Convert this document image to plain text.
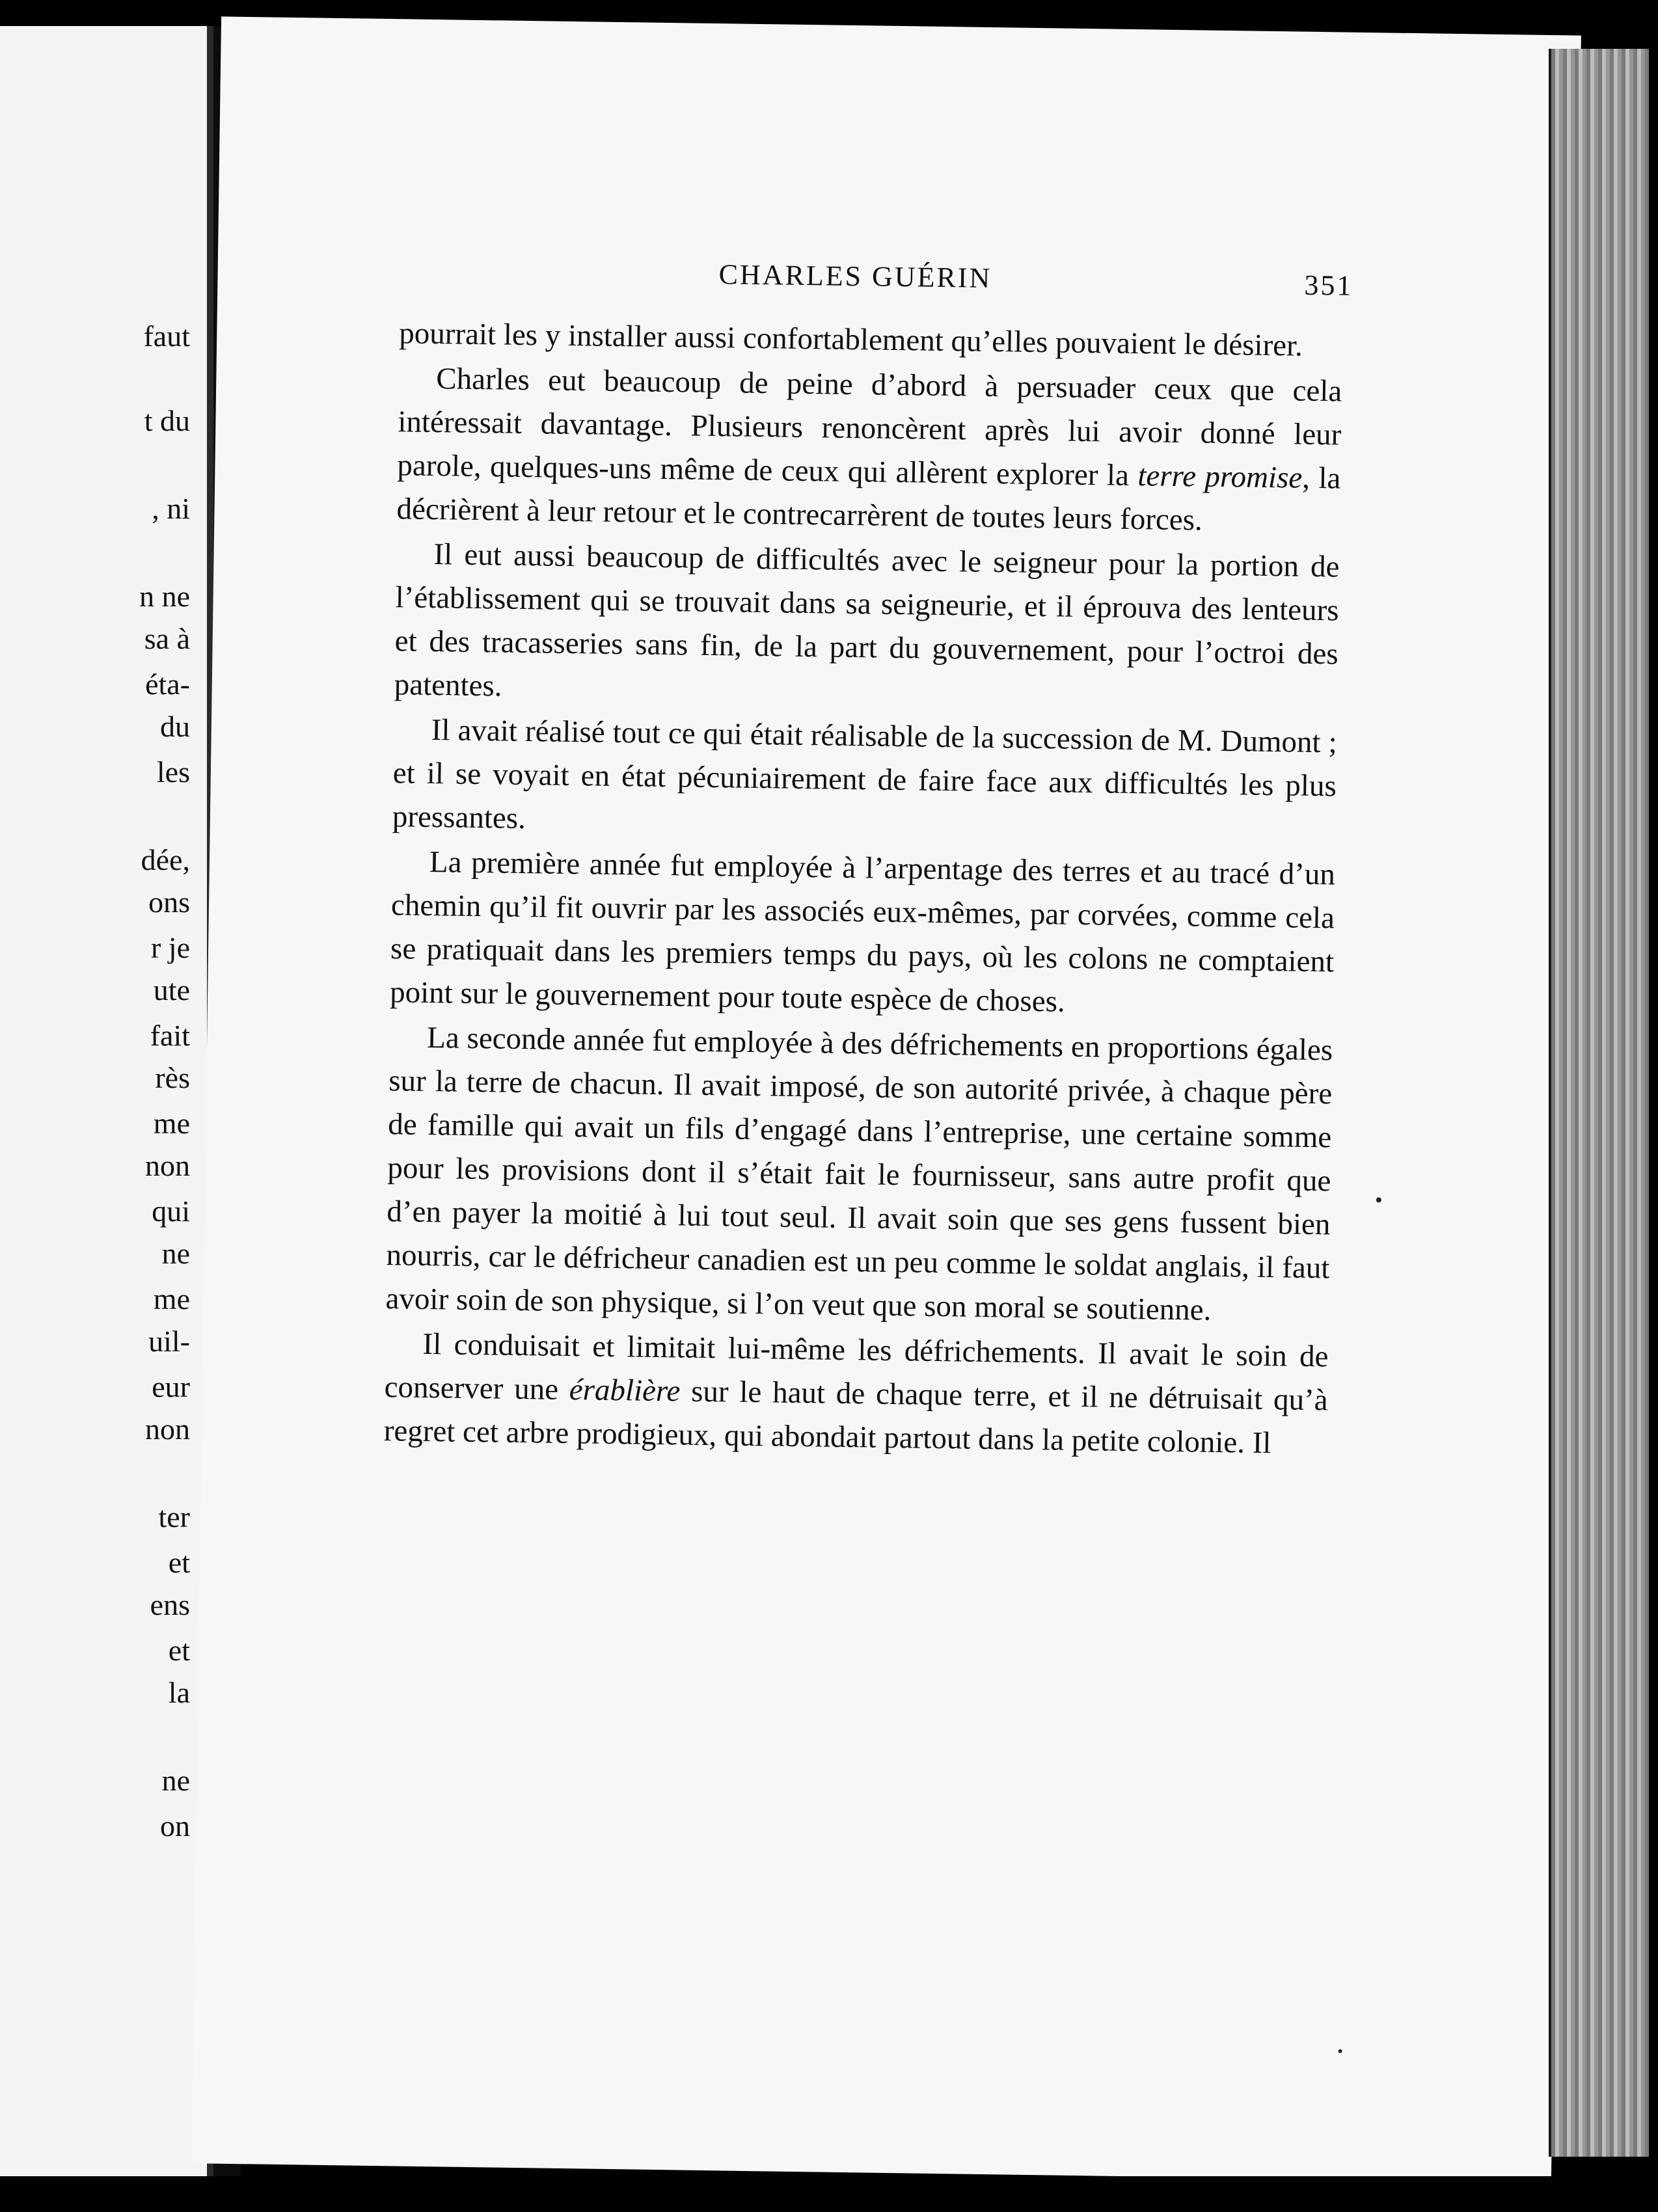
faut
t du
, ni
n ne
sa à
éta-
du
les
dée,
ons
r je
ute
fait
rès
me
non
qui
ne
me
uil-
eur
non
ter
et
ens
et
la
ne
on
CHARLES GUÉRIN	351

pourrait les y installer aussi confortablement qu’elles pouvaient le désirer.

Charles eut beaucoup de peine d’abord à persuader ceux que cela intéressait davantage. Plusieurs renoncèrent après lui avoir donné leur parole, quelques-uns même de ceux qui allèrent explorer la terre promise, la décrièrent à leur retour et le contrecarrèrent de toutes leurs forces.

Il eut aussi beaucoup de difficultés avec le seigneur pour la portion de l’établissement qui se trouvait dans sa seigneurie, et il éprouva des lenteurs et des tracasseries sans fin, de la part du gouvernement, pour l’octroi des patentes.

Il avait réalisé tout ce qui était réalisable de la succession de M. Dumont ; et il se voyait en état pécuniairement de faire face aux difficultés les plus pressantes.

La première année fut employée à l’arpentage des terres et au tracé d’un chemin qu’il fit ouvrir par les associés eux-mêmes, par corvées, comme cela se pratiquait dans les premiers temps du pays, où les colons ne comptaient point sur le gouvernement pour toute espèce de choses.

La seconde année fut employée à des défrichements en proportions égales sur la terre de chacun. Il avait imposé, de son autorité privée, à chaque père de famille qui avait un fils d’engagé dans l’entreprise, une certaine somme pour les provisions dont il s’était fait le fournisseur, sans autre profit que d’en payer la moitié à lui tout seul. Il avait soin que ses gens fussent bien nourris, car le défricheur canadien est un peu comme le soldat anglais, il faut avoir soin de son physique, si l’on veut que son moral se soutienne.

Il conduisait et limitait lui-même les défrichements. Il avait le soin de conserver une érablière sur le haut de chaque terre, et il ne détruisait qu’à regret cet arbre prodigieux, qui abondait partout dans la petite colonie. Il
